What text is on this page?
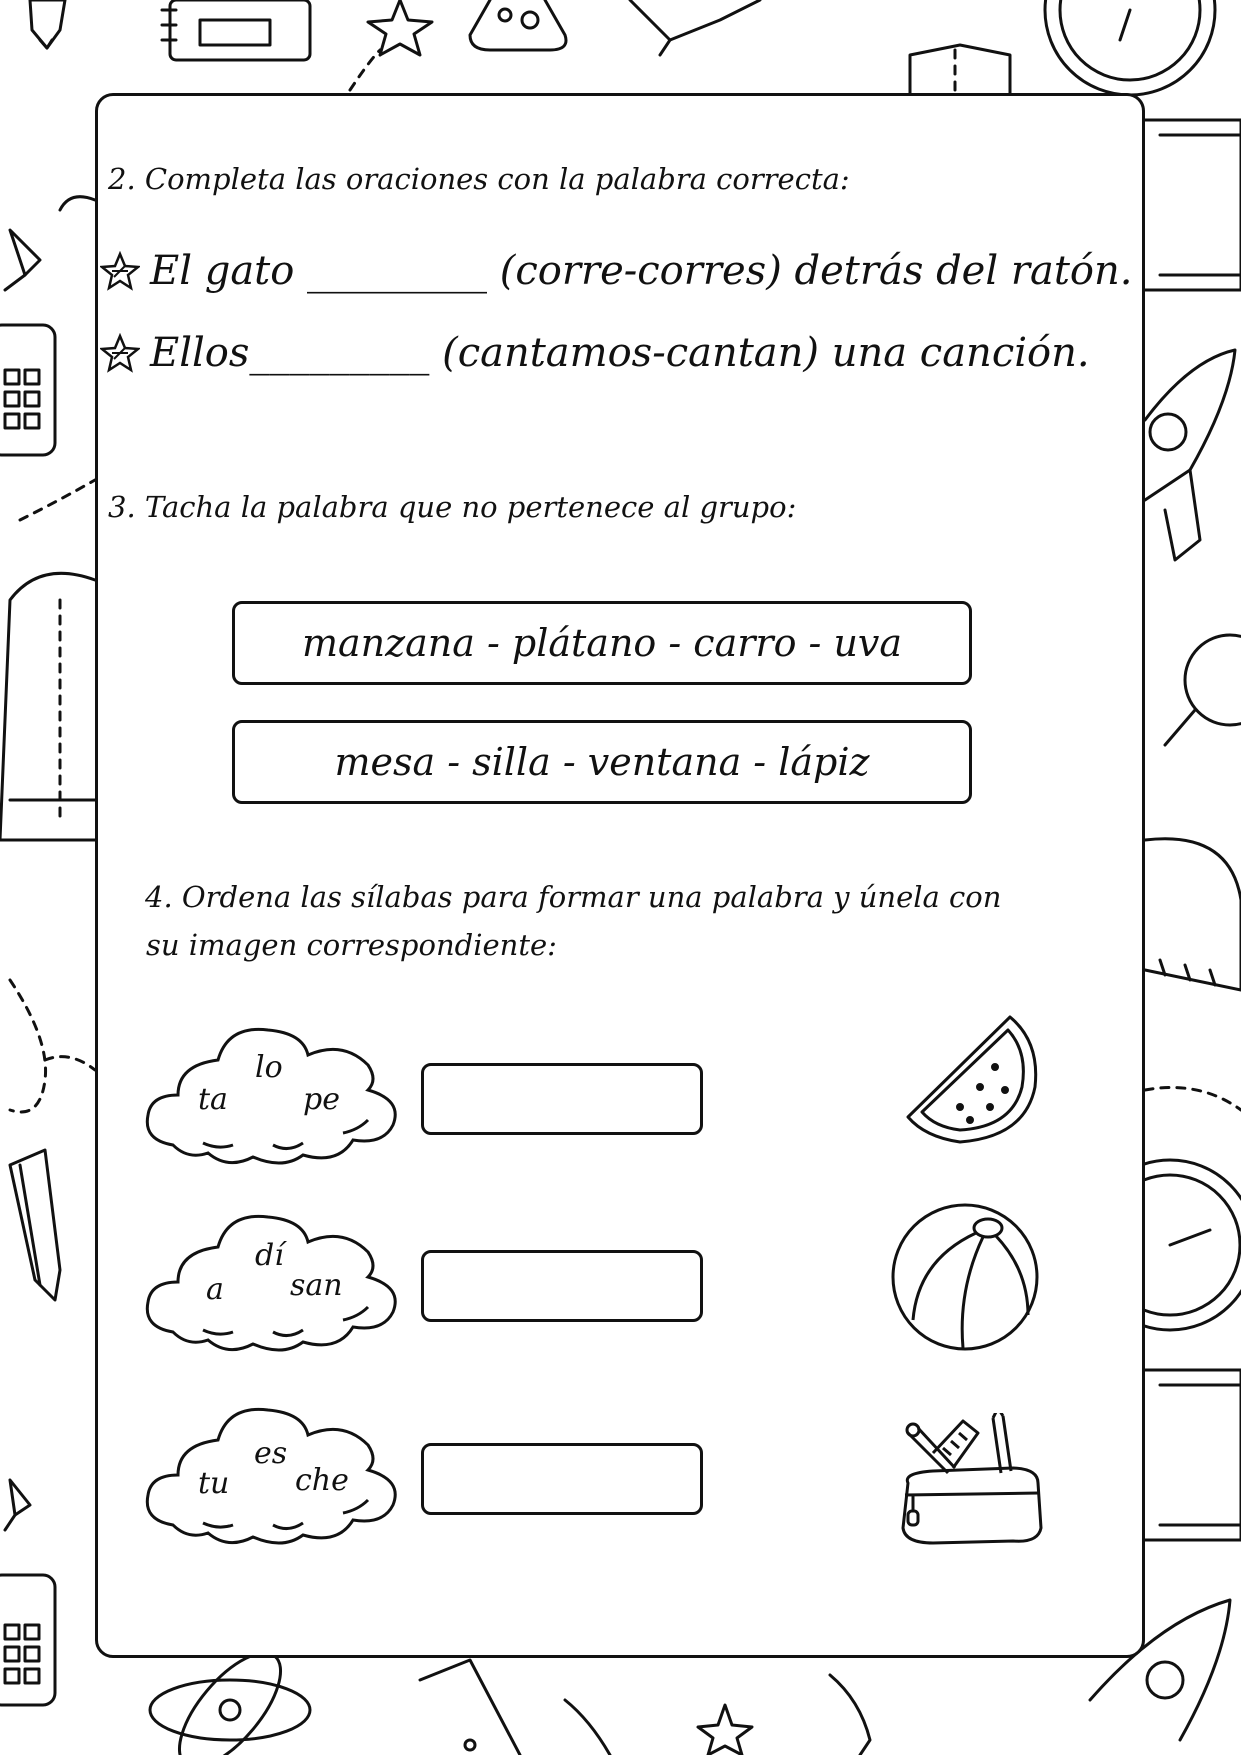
2. Completa las oraciones con la palabra correcta:
El gato _________ (corre-corres) detrás del ratón.
Ellos_________ (cantamos-cantan) una canción.
3. Tacha la palabra que no pertenece al grupo:
manzana - plátano - carro - uva
mesa - silla - ventana - lápiz
4. Ordena las sílabas para formar una palabra y únela con
su imagen correspondiente:
ta
lo
pe
a
dí
san
tu
es
che
